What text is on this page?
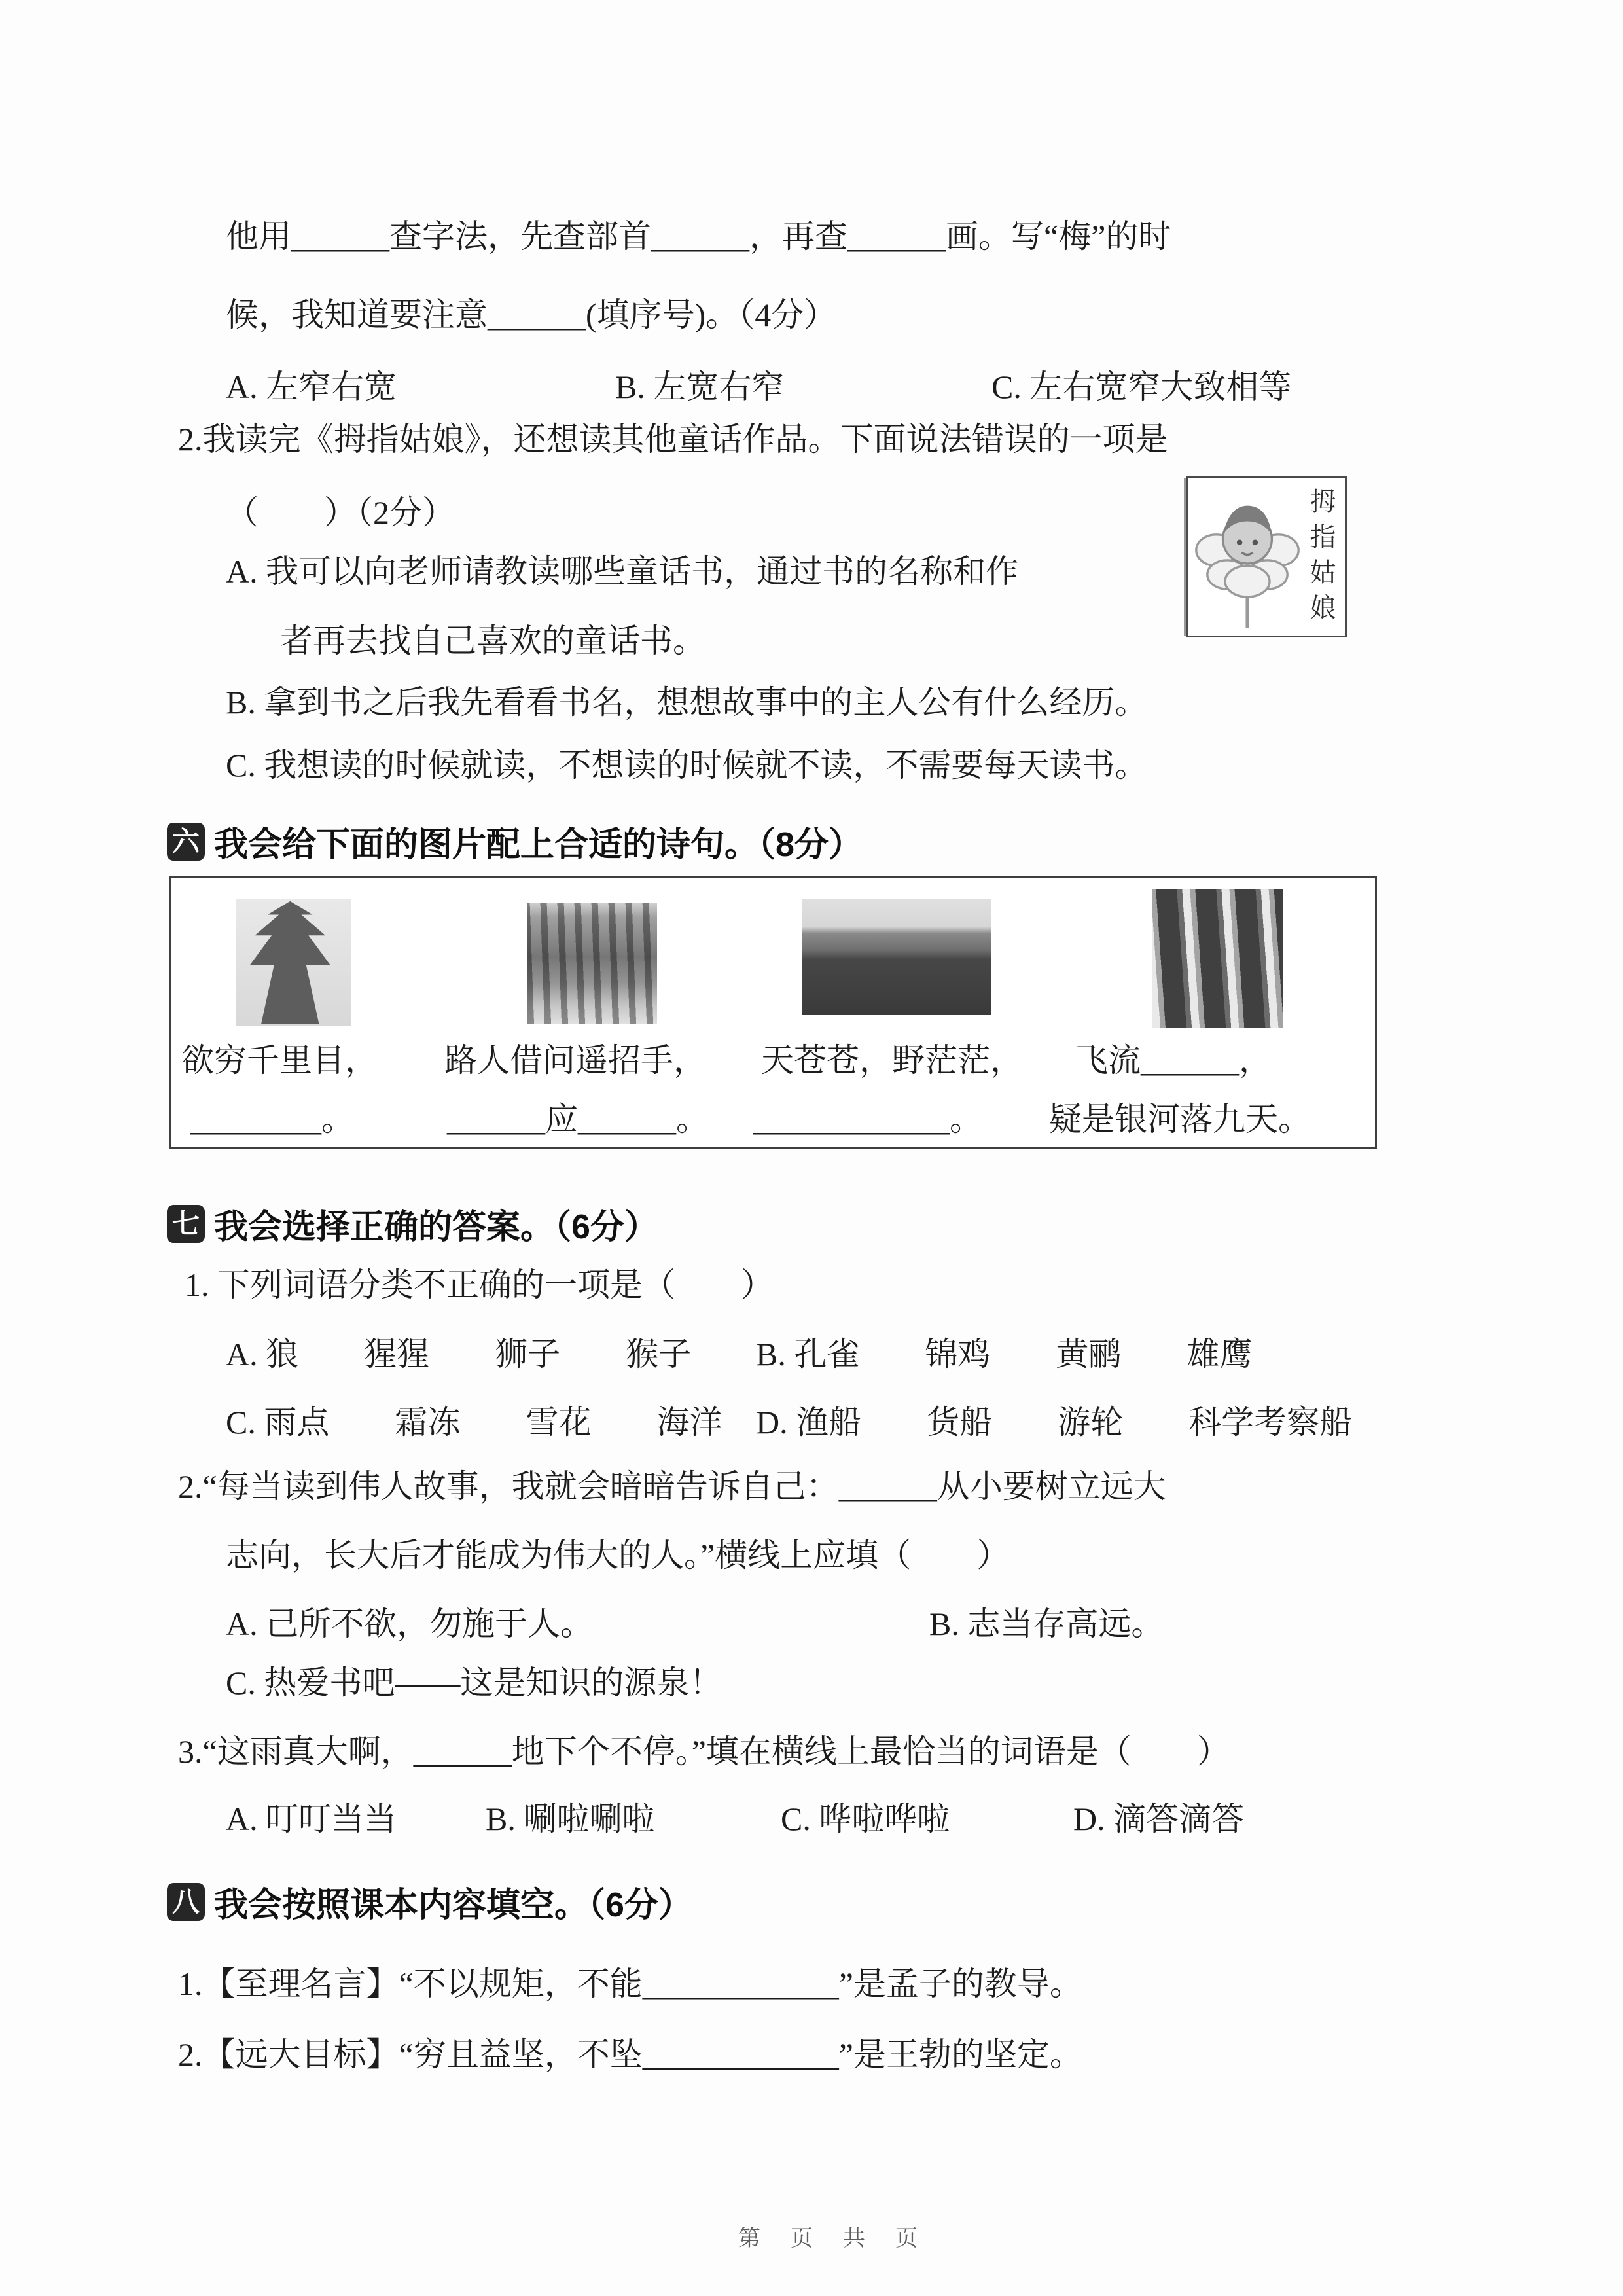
他用______查字法，先查部首______，再查______画。写“梅”的时
候，我知道要注意______(填序号)。（4分）
A. 左窄右宽	B. 左宽右窄	C. 左右宽窄大致相等
2.我读完《拇指姑娘》，还想读其他童话作品。下面说法错误的一项是
（　　）（2分）	拇指姑娘
A. 我可以向老师请教读哪些童话书，通过书的名称和作
者再去找自己喜欢的童话书。
B. 拿到书之后我先看看书名，想想故事中的主人公有什么经历。
C. 我想读的时候就读，不想读的时候就不读，不需要每天读书。
六 我会给下面的图片配上合适的诗句。（8分）
欲穷千里目， 路人借问遥招手， 天苍苍，野茫茫， 飞流______，
________。	______应______。 ____________。 疑是银河落九天。
七 我会选择正确的答案。（6分）
1. 下列词语分类不正确的一项是（　　）
A. 狼　　猩猩　　狮子　　猴子 B. 孔雀　　锦鸡　　黄鹂　　雄鹰
C. 雨点　　霜冻　　雪花　　海洋 D. 渔船　　货船　　游轮　　科学考察船
2.“每当读到伟人故事，我就会暗暗告诉自己：______从小要树立远大
志向，长大后才能成为伟大的人。”横线上应填（　　）
A. 己所不欲，勿施于人。	B. 志当存高远。
C. 热爱书吧——这是知识的源泉！
3.“这雨真大啊，______地下个不停。”填在横线上最恰当的词语是（　　）
A. 叮叮当当	B. 唰啦唰啦	C. 哗啦哗啦	D. 滴答滴答
八 我会按照课本内容填空。（6分）
1.【至理名言】“不以规矩，不能____________”是孟子的教导。
2.【远大目标】“穷且益坚，不坠____________”是王勃的坚定。
第　页　共　页
